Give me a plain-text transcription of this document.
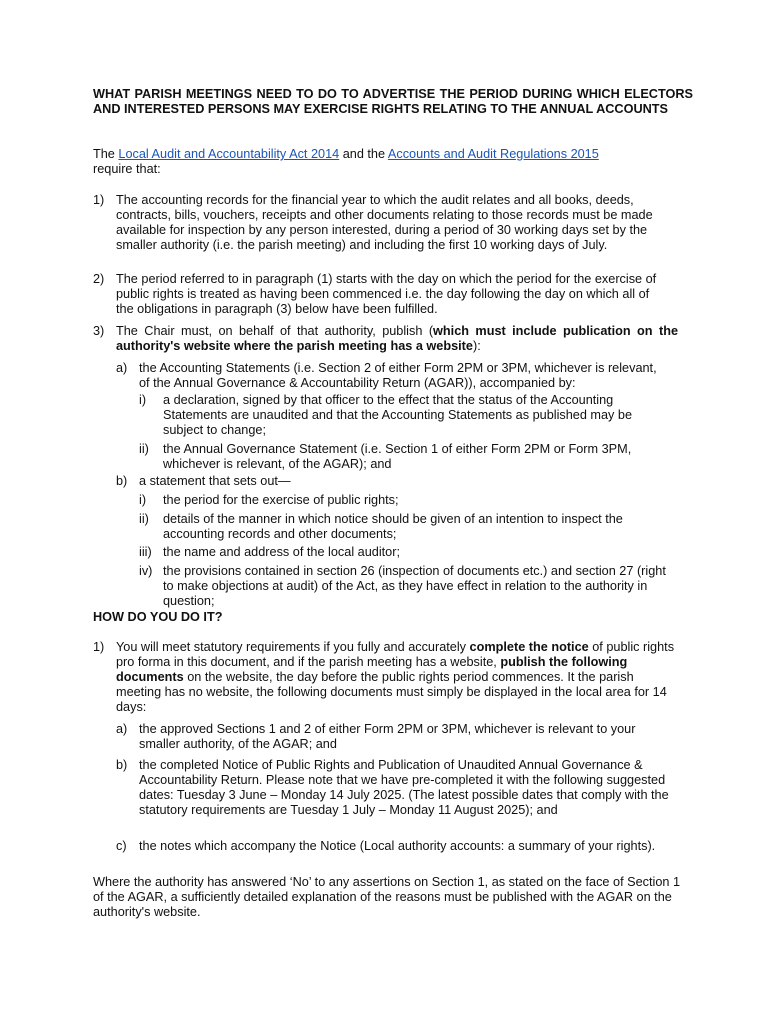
WHAT PARISH MEETINGS NEED TO DO TO ADVERTISE THE PERIOD DURING WHICH ELECTORS AND INTERESTED PERSONS MAY EXERCISE RIGHTS RELATING TO THE ANNUAL ACCOUNTS

The Local Audit and Accountability Act 2014 and the Accounts and Audit Regulations 2015
require that:

1) The accounting records for the financial year to which the audit relates and all books, deeds, contracts, bills, vouchers, receipts and other documents relating to those records must be made available for inspection by any person interested, during a period of 30 working days set by the smaller authority (i.e. the parish meeting) and including the first 10 working days of July.

2) The period referred to in paragraph (1) starts with the day on which the period for the exercise of public rights is treated as having been commenced i.e. the day following the day on which all of the obligations in paragraph (3) below have been fulfilled.

3) The Chair must, on behalf of that authority, publish (which must include publication on the authority's website where the parish meeting has a website):

a) the Accounting Statements (i.e. Section 2 of either Form 2PM or 3PM, whichever is relevant, of the Annual Governance & Accountability Return (AGAR)), accompanied by:

i) a declaration, signed by that officer to the effect that the status of the Accounting Statements are unaudited and that the Accounting Statements as published may be subject to change;

ii) the Annual Governance Statement (i.e. Section 1 of either Form 2PM or Form 3PM, whichever is relevant, of the AGAR); and

b) a statement that sets out—

i) the period for the exercise of public rights;

ii) details of the manner in which notice should be given of an intention to inspect the accounting records and other documents;

iii) the name and address of the local auditor;

iv) the provisions contained in section 26 (inspection of documents etc.) and section 27 (right to make objections at audit) of the Act, as they have effect in relation to the authority in question;

HOW DO YOU DO IT?

1) You will meet statutory requirements if you fully and accurately complete the notice of public rights pro forma in this document, and if the parish meeting has a website, publish the following documents on the website, the day before the public rights period commences. It the parish meeting has no website, the following documents must simply be displayed in the local area for 14 days:

a) the approved Sections 1 and 2 of either Form 2PM or 3PM, whichever is relevant to your smaller authority, of the AGAR; and

b) the completed Notice of Public Rights and Publication of Unaudited Annual Governance & Accountability Return. Please note that we have pre-completed it with the following suggested dates: Tuesday 3 June – Monday 14 July 2025. (The latest possible dates that comply with the statutory requirements are Tuesday 1 July – Monday 11 August 2025); and

c) the notes which accompany the Notice (Local authority accounts: a summary of your rights).

Where the authority has answered ‘No’ to any assertions on Section 1, as stated on the face of Section 1 of the AGAR, a sufficiently detailed explanation of the reasons must be published with the AGAR on the authority's website.
